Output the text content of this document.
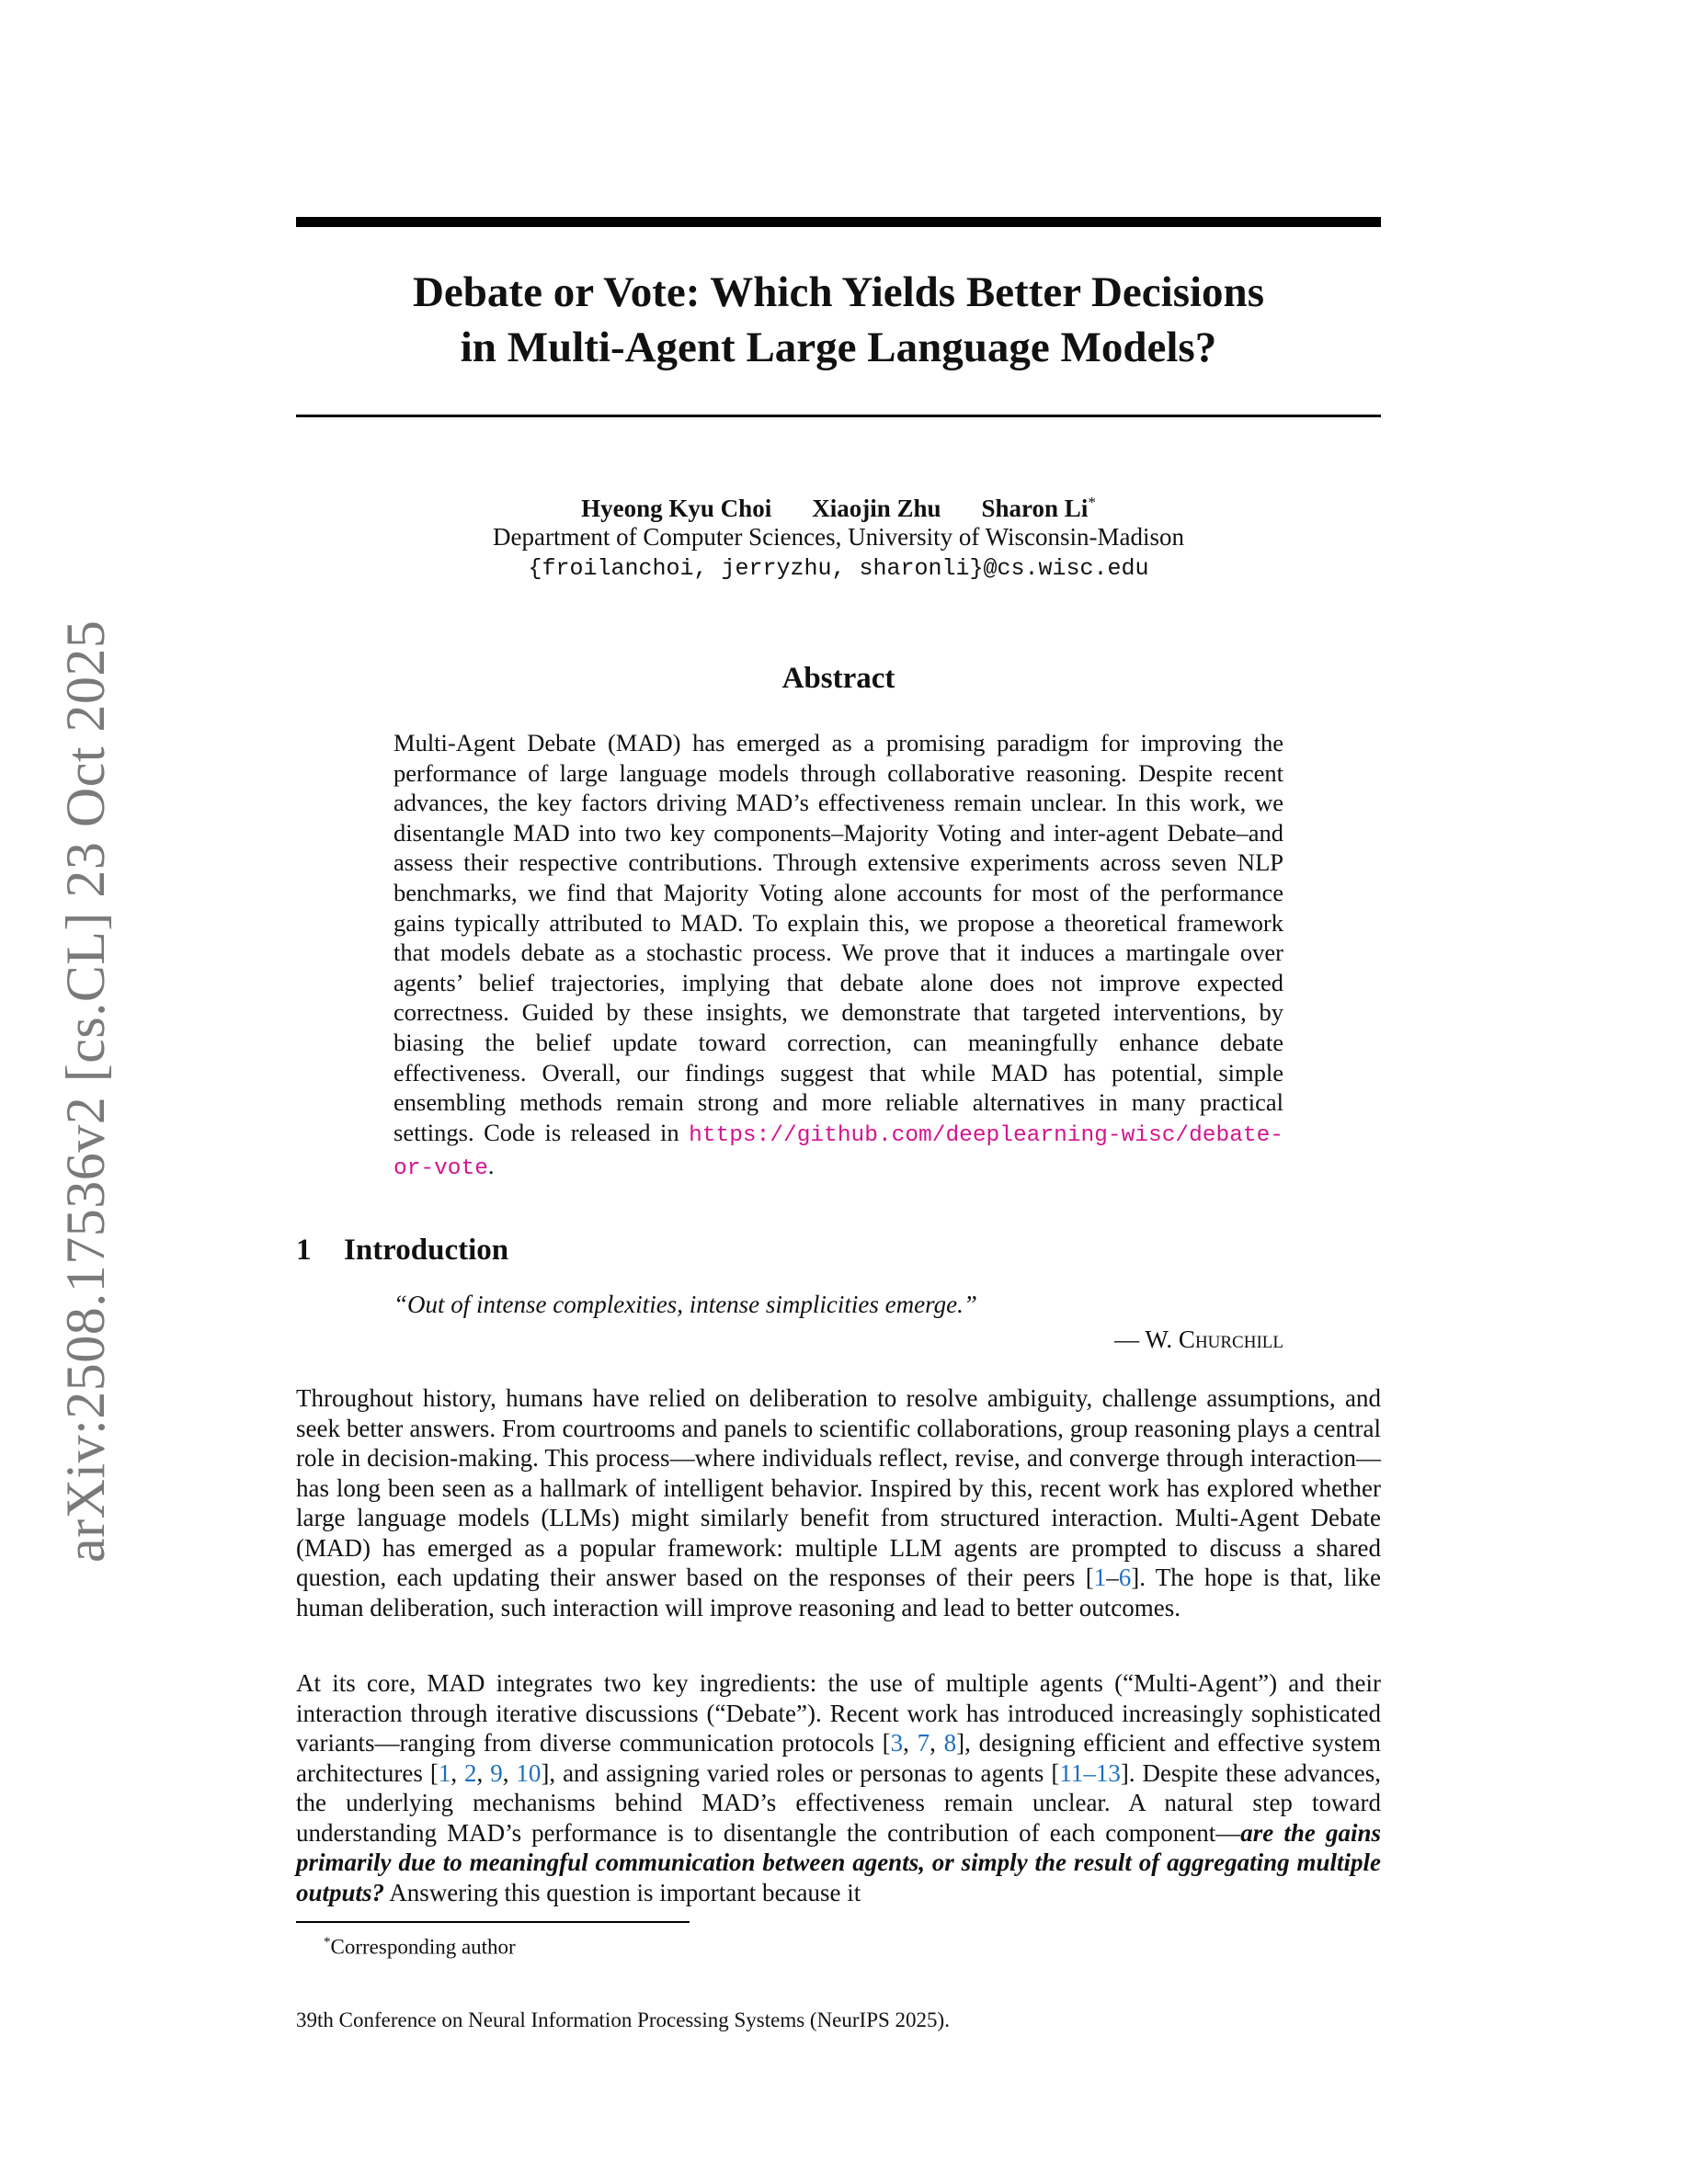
arXiv:2508.17536v2 [cs.CL] 23 Oct 2025
Debate or Vote: Which Yields Better Decisions
in Multi-Agent Large Language Models?
Hyeong Kyu Choi Xiaojin Zhu Sharon Li*
Department of Computer Sciences, University of Wisconsin-Madison
{froilanchoi, jerryzhu, sharonli}@cs.wisc.edu
Abstract
Multi-Agent Debate (MAD) has emerged as a promising paradigm for improving the performance of large language models through collaborative reasoning. Despite recent advances, the key factors driving MAD’s effectiveness remain unclear. In this work, we disentangle MAD into two key components–Majority Voting and inter-agent Debate–and assess their respective contributions. Through extensive experiments across seven NLP benchmarks, we find that Majority Voting alone accounts for most of the performance gains typically attributed to MAD. To explain this, we propose a theoretical framework that models debate as a stochastic process. We prove that it induces a martingale over agents’ belief trajectories, implying that debate alone does not improve expected correctness. Guided by these insights, we demonstrate that targeted interventions, by biasing the belief update toward correction, can meaningfully enhance debate effectiveness. Overall, our findings suggest that while MAD has potential, simple ensembling methods remain strong and more reliable alternatives in many practical settings. Code is released in https://github.com/deeplearning-wisc/debate-or-vote.
1 Introduction
“Out of intense complexities, intense simplicities emerge.”
— W. Churchill
Throughout history, humans have relied on deliberation to resolve ambiguity, challenge assumptions, and seek better answers. From courtrooms and panels to scientific collaborations, group reasoning plays a central role in decision-making. This process—where individuals reflect, revise, and converge through interaction—has long been seen as a hallmark of intelligent behavior. Inspired by this, recent work has explored whether large language models (LLMs) might similarly benefit from structured interaction. Multi-Agent Debate (MAD) has emerged as a popular framework: multiple LLM agents are prompted to discuss a shared question, each updating their answer based on the responses of their peers [1–6]. The hope is that, like human deliberation, such interaction will improve reasoning and lead to better outcomes.
At its core, MAD integrates two key ingredients: the use of multiple agents (“Multi-Agent”) and their interaction through iterative discussions (“Debate”). Recent work has introduced increasingly sophisticated variants—ranging from diverse communication protocols [3, 7, 8], designing efficient and effective system architectures [1, 2, 9, 10], and assigning varied roles or personas to agents [11–13]. Despite these advances, the underlying mechanisms behind MAD’s effectiveness remain unclear. A natural step toward understanding MAD’s performance is to disentangle the contribution of each component—are the gains primarily due to meaningful communication between agents, or simply the result of aggregating multiple outputs? Answering this question is important because it
*Corresponding author
39th Conference on Neural Information Processing Systems (NeurIPS 2025).
